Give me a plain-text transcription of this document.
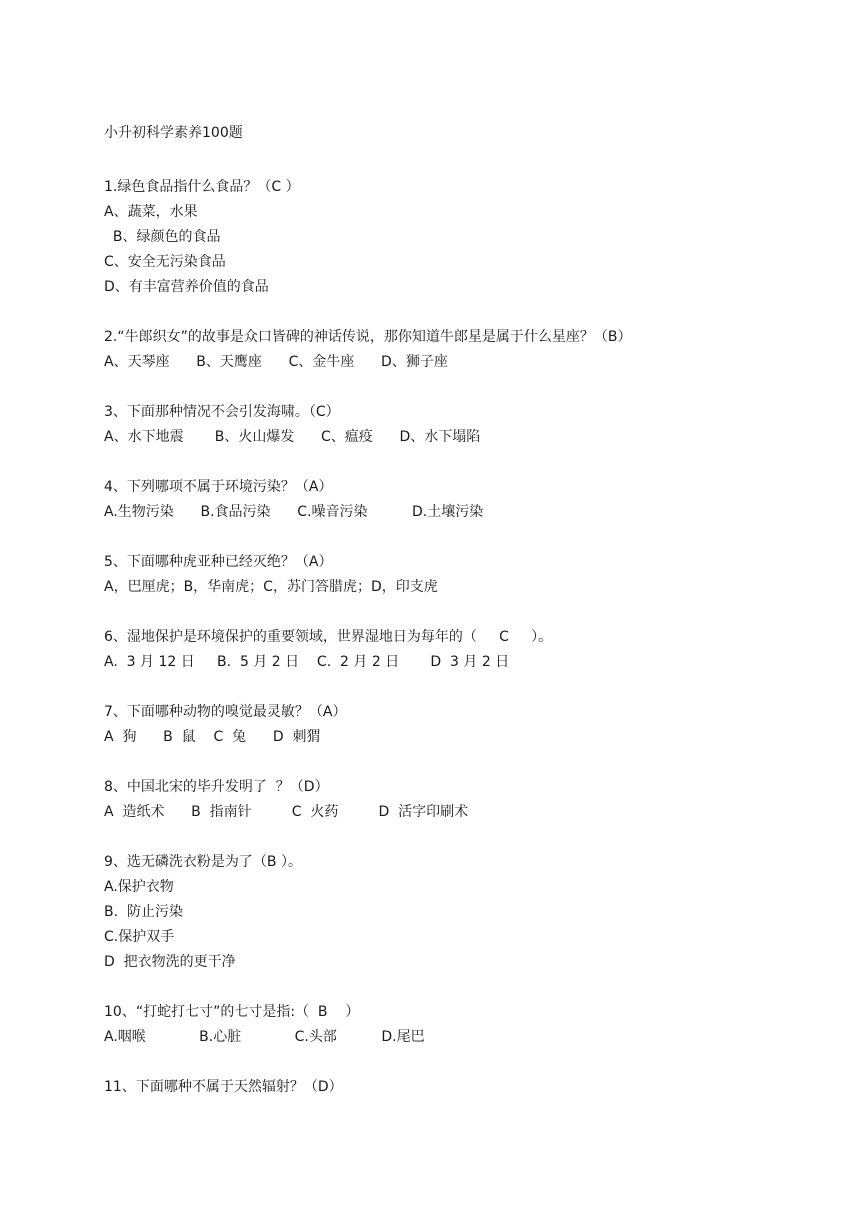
小升初科学素养100题
1.绿色食品指什么食品？（C ）
A、蔬菜，水果
B、绿颜色的食品
C、安全无污染食品
D、有丰富营养价值的食品
2.“牛郎织女”的故事是众口皆碑的神话传说，那你知道牛郎星是属于什么星座？（B）
A、天琴座      B、天鹰座      C、金牛座      D、狮子座
3、下面那种情况不会引发海啸。（C）
A、水下地震       B、火山爆发      C、瘟疫      D、水下塌陷
4、下列哪项不属于环境污染？（A）
A.生物污染      B.食品污染      C.噪音污染          D.土壤污染
5、下面哪种虎亚种已经灭绝？（A）
A，巴厘虎；B，华南虎；C，苏门答腊虎；D，印支虎
6、湿地保护是环境保护的重要领域，世界湿地日为每年的（     C     ）。
A.  3 月 12 日     B.  5 月 2 日    C.  2 月 2 日       D  3 月 2 日
7、下面哪种动物的嗅觉最灵敏？（A）
A  狗      B  鼠    C  兔      D  刺猬
8、中国北宋的毕升发明了  ？（D）
A  造纸术      B  指南针         C  火药         D  活字印刷术
9、选无磷洗衣粉是为了（B ）。
A.保护衣物
B.  防止污染
C.保护双手
D  把衣物洗的更干净
10、“打蛇打七寸”的七寸是指:（  B    ）
A.咽喉            B.心脏            C.头部          D.尾巴
11、下面哪种不属于天然辐射？（D）
